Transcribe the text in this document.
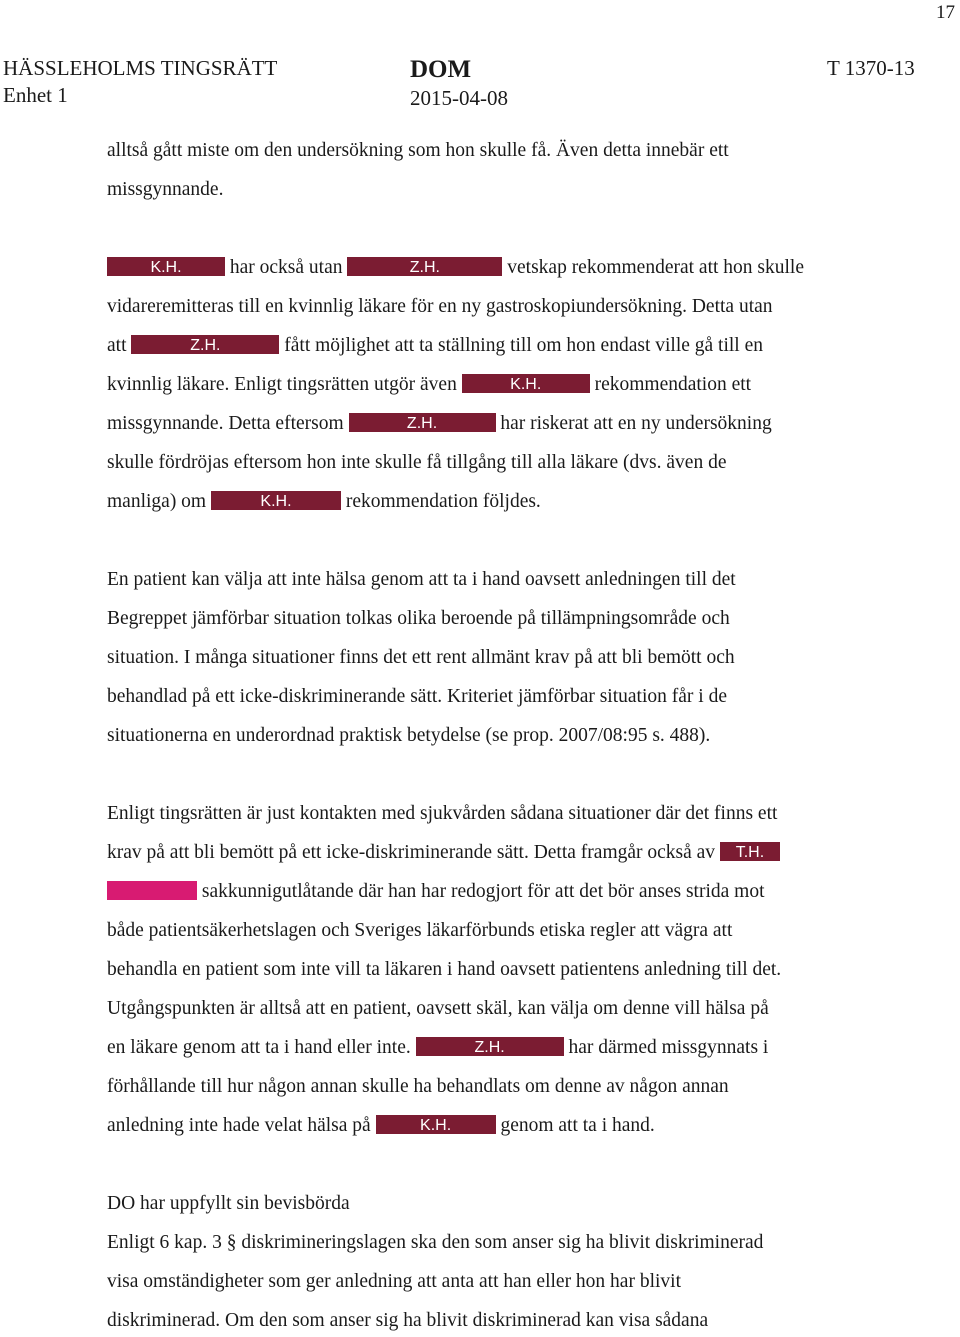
17
HÄSSLEHOLMS TINGSRÄTT
Enhet 1
DOM
2015-04-08
T 1370-13
alltså gått miste om den undersökning som hon skulle få. Även detta innebär ett
missgynnande.
K.H. har också utan	Z.H.	vetskap rekommenderat att hon skulle
vidareremitteras till en kvinnlig läkare för en ny gastroskopiundersökning. Detta utan
att	Z.H.	fått möjlighet att ta ställning till om hon endast ville gå till en
kvinnlig läkare. Enligt tingsrätten utgör även	K.H.	rekommendation ett
missgynnande. Detta eftersom	Z.H.	har riskerat att en ny undersökning
skulle fördröjas eftersom hon inte skulle få tillgång till alla läkare (dvs. även de
manliga) om	K.H.	rekommendation följdes.
En patient kan välja att inte hälsa genom att ta i hand oavsett anledningen till det
Begreppet jämförbar situation tolkas olika beroende på tillämpningsområde och
situation. I många situationer finns det ett rent allmänt krav på att bli bemött och
behandlad på ett icke-diskriminerande sätt. Kriteriet jämförbar situation får i de
situationerna en underordnad praktisk betydelse (se prop. 2007/08:95 s. 488).
Enligt tingsrätten är just kontakten med sjukvården sådana situationer där det finns ett
krav på att bli bemött på ett icke-diskriminerande sätt. Detta framgår också av T.H.
sakkunnigutlåtande där han har redogjort för att det bör anses strida mot
både patientsäkerhetslagen och Sveriges läkarförbunds etiska regler att vägra att
behandla en patient som inte vill ta läkaren i hand oavsett patientens anledning till det.
Utgångspunkten är alltså att en patient, oavsett skäl, kan välja om denne vill hälsa på
en läkare genom att ta i hand eller inte.	Z.H.	har därmed missgynnats i
förhållande till hur någon annan skulle ha behandlats om denne av någon annan
anledning inte hade velat hälsa på	K.H.	genom att ta i hand.
DO har uppfyllt sin bevisbörda
Enligt 6 kap. 3 § diskrimineringslagen ska den som anser sig ha blivit diskriminerad
visa omständigheter som ger anledning att anta att han eller hon har blivit
diskriminerad. Om den som anser sig ha blivit diskriminerad kan visa sådana
